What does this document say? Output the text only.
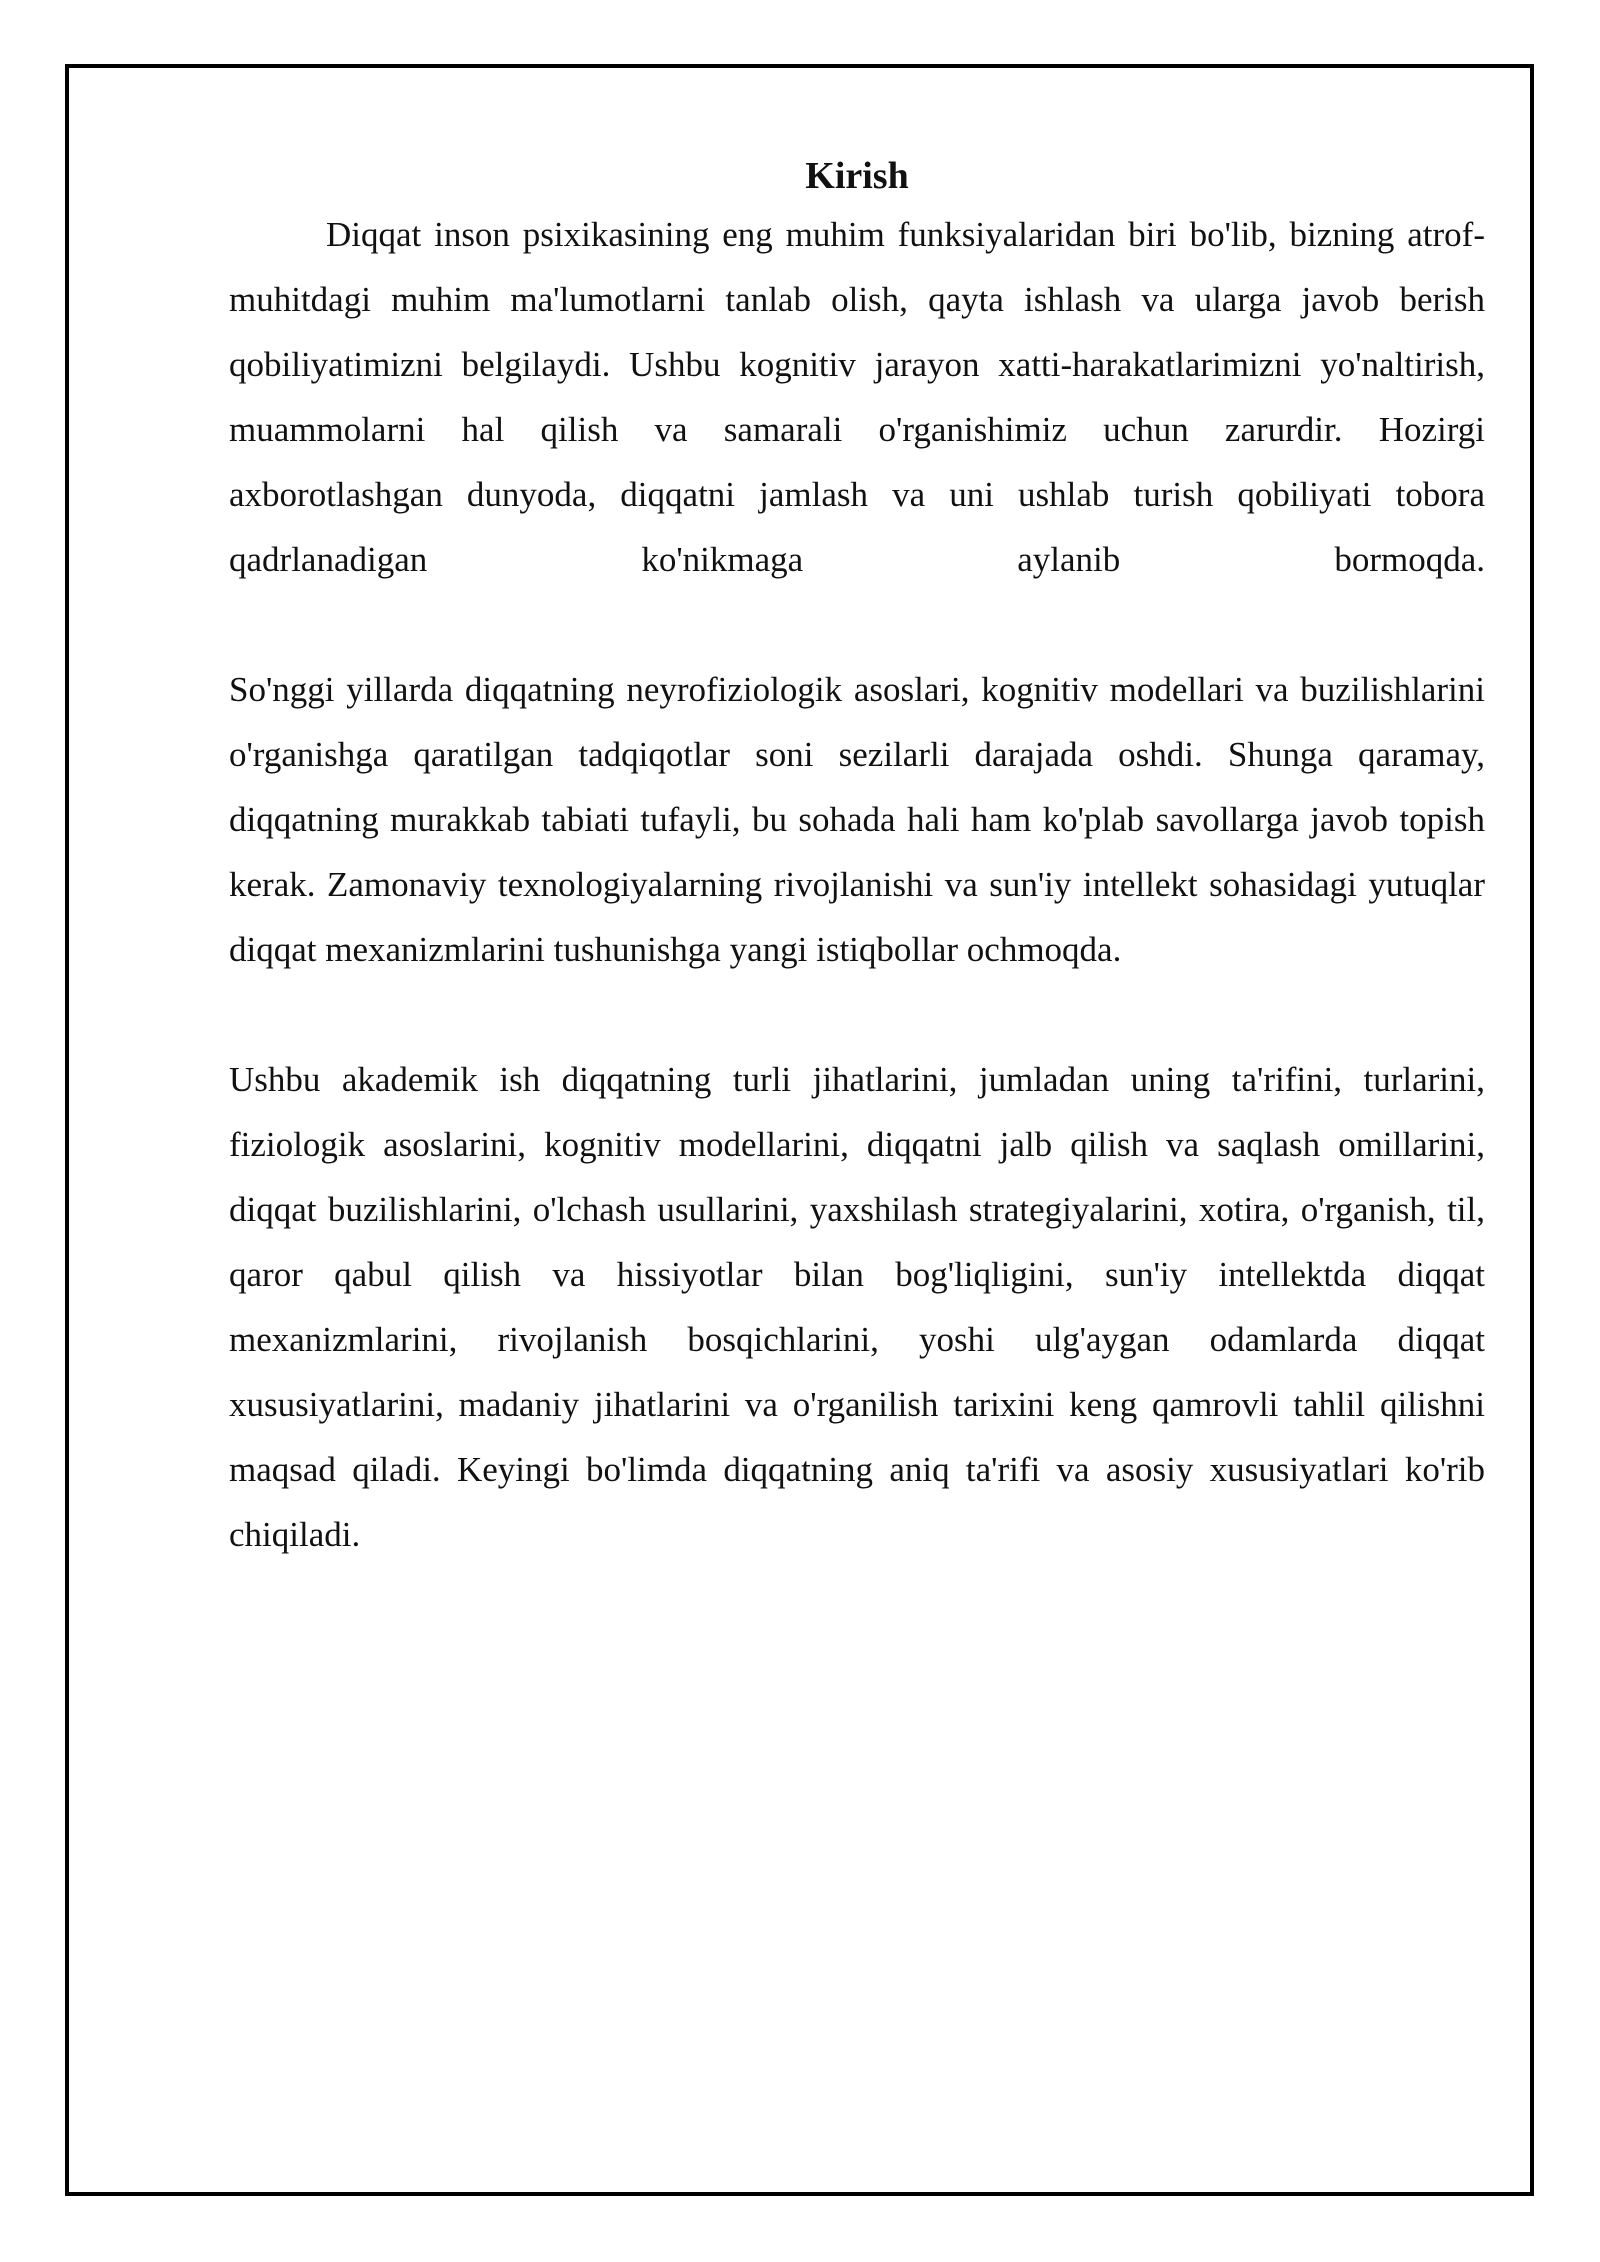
Kirish

Diqqat inson psixikasining eng muhim funksiyalaridan biri bo'lib, bizning atrof-muhitdagi muhim ma'lumotlarni tanlab olish, qayta ishlash va ularga javob berish qobiliyatimizni belgilaydi. Ushbu kognitiv jarayon xatti-harakatlarimizni yo'naltirish, muammolarni hal qilish va samarali o'rganishimiz uchun zarurdir. Hozirgi axborotlashgan dunyoda, diqqatni jamlash va uni ushlab turish qobiliyati tobora qadrlanadigan ko'nikmaga aylanib bormoqda.

So'nggi yillarda diqqatning neyrofiziologik asoslari, kognitiv modellari va buzilishlarini o'rganishga qaratilgan tadqiqotlar soni sezilarli darajada oshdi. Shunga qaramay, diqqatning murakkab tabiati tufayli, bu sohada hali ham ko'plab savollarga javob topish kerak. Zamonaviy texnologiyalarning rivojlanishi va sun'iy intellekt sohasidagi yutuqlar diqqat mexanizmlarini tushunishga yangi istiqbollar ochmoqda.

Ushbu akademik ish diqqatning turli jihatlarini, jumladan uning ta'rifini, turlarini, fiziologik asoslarini, kognitiv modellarini, diqqatni jalb qilish va saqlash omillarini, diqqat buzilishlarini, o'lchash usullarini, yaxshilash strategiyalarini, xotira, o'rganish, til, qaror qabul qilish va hissiyotlar bilan bog'liqligini, sun'iy intellektda diqqat mexanizmlarini, rivojlanish bosqichlarini, yoshi ulg'aygan odamlarda diqqat xususiyatlarini, madaniy jihatlarini va o'rganilish tarixini keng qamrovli tahlil qilishni maqsad qiladi. Keyingi bo'limda diqqatning aniq ta'rifi va asosiy xususiyatlari ko'rib chiqiladi.
